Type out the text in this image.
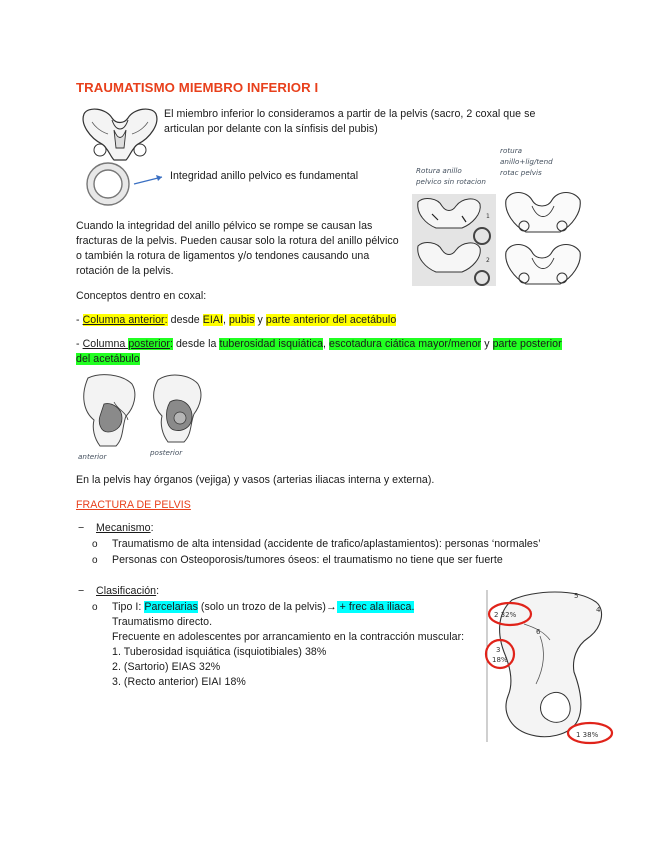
TRAUMATISMO MIEMBRO INFERIOR I
El miembro inferior lo consideramos a partir de la pelvis (sacro, 2 coxal que se
articulan por delante con la sínfisis del pubis)
Integridad anillo pelvico es fundamental	Rotura anillo
pelvico sin rotacion
rotura
anillo+lig/tend
rotac pelvis
1
2
Cuando la integridad del anillo pélvico se rompe se causan las
fracturas de la pelvis. Pueden causar solo la rotura del anillo pélvico
o también la rotura de ligamentos y/o tendones causando una
rotación de la pelvis.
Conceptos dentro en coxal:
- Columna anterior: desde EIAI, pubis y parte anterior del acetábulo
- Columna posterior: desde la tuberosidad isquiática, escotadura ciática mayor/menor y parte posterior
del acetábulo
anterior	posterior
En la pelvis hay órganos (vejiga) y vasos (arterias iliacas interna y externa).
FRACTURA DE PELVIS
− Mecanismo:
o Traumatismo de alta intensidad (accidente de trafico/aplastamientos): personas ‘normales’
o Personas con Osteoporosis/tumores óseos: el traumatismo no tiene que ser fuerte
− Clasificación:
o Tipo I: Parcelarias (solo un trozo de la pelvis)→ + frec ala iliaca.
Traumatismo directo.
Frecuente en adolescentes por arrancamiento en la contracción muscular:
1. Tuberosidad isquiática (isquiotibiales) 38%
2. (Sartorio) EIAS 32%
3. (Recto anterior) EIAI 18%
2 32%
3
18%
1 38%
5
4
6
